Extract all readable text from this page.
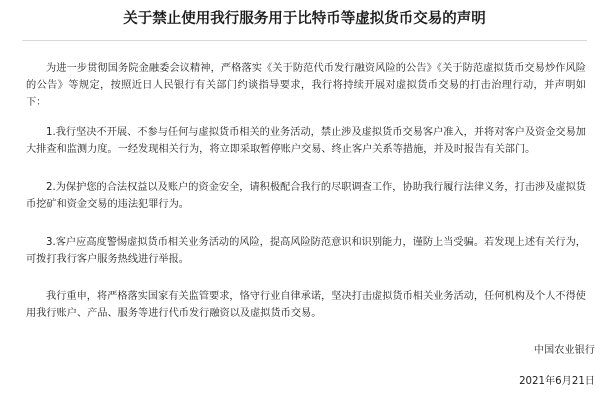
关于禁止使用我行服务用于比特币等虚拟货币交易的声明

为进一步贯彻国务院金融委会议精神，严格落实《关于防范代币发行融资风险的公告》《关于防范虚拟货币交易炒作风险的公告》等规定，按照近日人民银行有关部门约谈指导要求，我行将持续开展对虚拟货币交易的打击治理行动，并声明如下：

1.我行坚决不开展、不参与任何与虚拟货币相关的业务活动，禁止涉及虚拟货币交易客户准入，并将对客户及资金交易加大排查和监测力度。一经发现相关行为，将立即采取暂停账户交易、终止客户关系等措施，并及时报告有关部门。

2.为保护您的合法权益以及账户的资金安全，请积极配合我行的尽职调查工作，协助我行履行法律义务，打击涉及虚拟货币挖矿和资金交易的违法犯罪行为。

3.客户应高度警惕虚拟货币相关业务活动的风险，提高风险防范意识和识别能力，谨防上当受骗。若发现上述有关行为，可拨打我行客户服务热线进行举报。

我行重申，将严格落实国家有关监管要求，恪守行业自律承诺，坚决打击虚拟货币相关业务活动，任何机构及个人不得使用我行账户、产品、服务等进行代币发行融资以及虚拟货币交易。

中国农业银行
2021年6月21日
